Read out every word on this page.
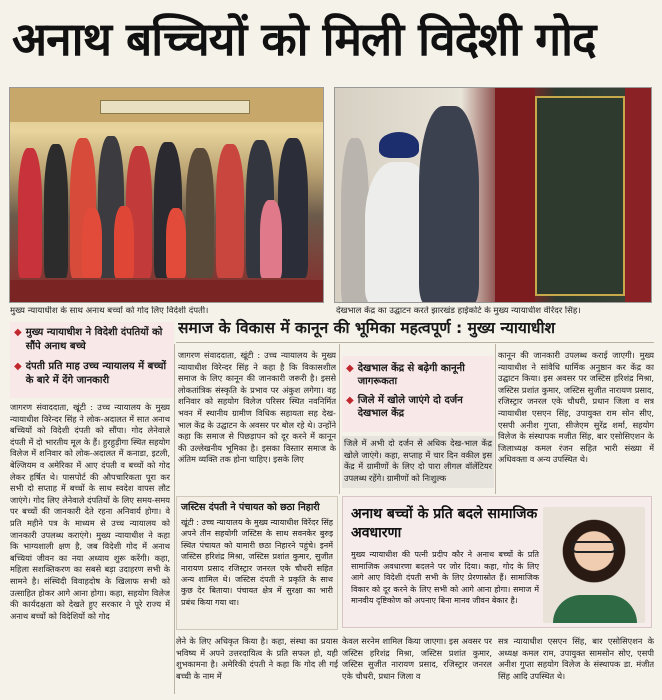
अनाथ बच्चियों को मिली विदेशी गोद
मुख्य न्यायाधीश के साथ अनाथ बच्चों को गोद लिए विदेशी दंपती।	देखभाल केंद्र का उद्घाटन करते झारखंड हाईकोर्ट के मुख्य न्यायाधीश वीरेंदर सिंह।
◆ मुख्य न्यायाधीश ने विदेशी दंपतियों को सौंपे अनाथ बच्चे
◆ दंपती प्रति माह उच्च न्यायालय में बच्चों के बारे में देंगे जानकारी
समाज के विकास में कानून की भूमिका महत्वपूर्ण : मुख्य न्यायाधीश
जागरण संवाददाता, खूंटी : उच्च न्यायालय के मुख्य न्यायाधीश विरेन्दर सिंह ने लोक-अदालत में सात अनाथ बच्चियों को विदेशी दंपती को सौंपा। गोद लेनेवाले दंपती में दो भारतीय मूल के हैं। हुरहुड़ीगा स्थित सहयोग विलेज में शनिवार को लोक-अदालत में कनाडा, इटली, बेल्जियम व अमेरिका में आए दंपती व बच्चों को गोद लेकर हर्षित थे। पासपोर्ट की औपचारिकता पूरा कर सभी दो सप्ताह में बच्चों के साथ स्वदेश वापस लौट जाएंगे। गोद लिए लेनेवाले दंपतियों के लिए समय-समय पर बच्चों की जानकारी देते रहना अनिवार्य होगा। वे प्रति महीने पत्र के माध्यम से उच्च न्यायालय को जानकारी उपलब्ध कराएंगे। मुख्य न्यायाधीश ने कहा कि भाग्यशाली क्षण है, जब विदेशी गोद में अनाथ बच्चियां जीवन का नया अध्याय शुरू करेंगी। कहा, महिला सशक्तिकरण का सबसे बड़ा उदाहरण सभी के सामने है। संस्थिदी विवाहदोष के खिलाफ सभी को उत्साहित होकर आगे आना होगा। कहा, सहयोग विलेज की कार्यदक्षता को देखते हुए सरकार ने पूरे राज्य में अनाथ बच्चों को विदेशियों को गोद
जागरण संवाददाता, खूंटी : उच्च न्यायालय के मुख्य न्यायाधीश विरेन्दर सिंह ने कहा है कि विकासशील समाज के लिए कानून की जानकारी जरूरी है। इससे लोकतांत्रिक संस्कृति के प्रभाव पर अंकुश लगेगा। वह शनिवार को सहयोग विलेज परिसर स्थित नवनिर्मित भवन में स्थानीय ग्रामीण विधिक सहायता सह देख-भाल केंद्र के उद्घाटन के अवसर पर बोल रहे थे। उन्होंने कहा कि समाज से पिछड़ापन को दूर करने में कानून की उल्लेखनीय भूमिका है। इसका विस्तार समाज के अंतिम व्यक्ति तक होना चाहिए। इसके लिए
◆ देखभाल केंद्र से बढ़ेगी कानूनी जागरूकता
◆ जिले में खोले जाएंगे दो दर्जन देखभाल केंद्र
जिले में अभी दो दर्जन से अधिक देख-भाल केंद्र खोले जाएंगे। कहा, सप्ताह में चार दिन वकील इस केंद्र में ग्रामीणों के लिए दो पारा लीगल वॉलेंटियर उपलब्ध रहेंगे। ग्रामीणों को निःशुल्क
कानून की जानकारी उपलब्ध कराई जाएगी। मुख्य न्यायाधीश ने सांवैधि धार्मिक अनुष्ठान कर केंद्र का उद्घाटन किया। इस अवसर पर जस्टिस हरिशंद्र मिश्रा, जस्टिस प्रशांत कुमार, जस्टिस सुजीत नारायण प्रसाद, रजिस्ट्रार जनरल एके चौधरी, प्रधान जिला व सत्र न्यायाधीश एसएन सिंह, उपायुक्त राम सोन सीए, एसपी अनीश गुप्ता, सीजेएम सुरेंद्र शर्मा, सहयोग विलेज के संस्थापक मजीत सिंह, बार एसोसिएशन के जिलाध्यक्ष कमल रंजन सहित भारी संख्या में अधिवक्ता व अन्य उपस्थित थे।
जस्टिस दंपती ने पंचायत को छठा निहारी
खूंटी : उच्च न्यायालय के मुख्य न्यायाधीश विरेंदर सिंह अपने तीन सहयोगी जस्टिस के साथ सवनकेर बुरुइ स्थित पंचायत को यामारी छठा निहारने पहुंचे। इनमें जस्टिस हरिशंद्र मिश्रा, जस्टिस प्रशांत कुमार, सुजीत नारायण प्रसाद रजिस्ट्रार जनरल एके चौधरी सहित अन्य शामिल थे। जस्टिस दंपती ने प्रकृति के साथ कुछ देर बिताया। पंचायत क्षेत्र में सुरक्षा का भारी प्रबंध किया गया था।
अनाथ बच्चों के प्रति बदले सामाजिक अवधारणा
मुख्य न्यायाधीश की पत्नी प्रदीप कौर ने अनाथ बच्चों के प्रति सामाजिक अवधारणा बदलने पर जोर दिया। कहा, गोद के लिए आगे आए विदेशी दंपती सभी के लिए प्रेरणास्रोत हैं। सामाजिक विकार को दूर करने के लिए सभी को आगे आना होगा। समाज में मानवीय दृष्टिकोण को अपनाए बिना मानव जीवन बेकार है।
लेने के लिए अधिकृत किया है। कहा, संस्था का प्रयास भविष्य में अपने उत्तरदायित्व के प्रति सफल हो, यही शुभकामना है। अमेरिकी दंपती ने कहा कि गोद ली गई बच्ची के नाम में
केवल सरनेम शामिल किया जाएगा। इस अवसर पर जस्टिस हरिशंद्र मिश्रा, जस्टिस प्रशांत कुमार, जस्टिस सुजीत नारायण प्रसाद, रजिस्ट्रार जनरल एके चौधरी, प्रधान जिला व
सत्र न्यायाधीश एसएन सिंह, बार एसोसिएशन के अध्यक्ष कमल राम, उपायुक्त सामसोन सोए, एसपी अनीश गुप्ता सहयोग विलेज के संस्थापक डा. मंजीत सिंह आदि उपस्थित थे।
